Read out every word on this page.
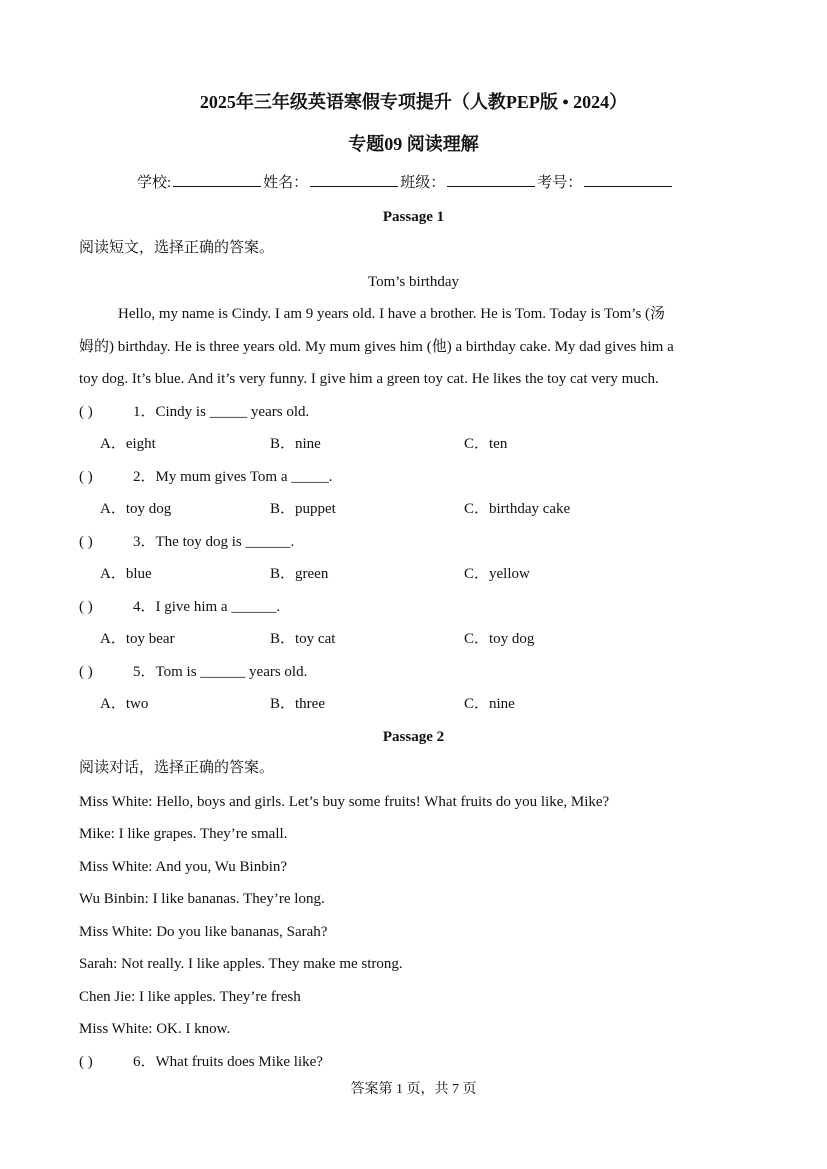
2025年三年级英语寒假专项提升（人教PEP版 • 2024）
专题09 阅读理解
学校:	姓名：	班级：	考号：
Passage 1
阅读短文，选择正确的答案。
Tom’s birthday
Hello, my name is Cindy. I am 9 years old. I have a brother. He is Tom. Today is Tom’s (汤
姆的) birthday. He is three years old. My mum gives him (他) a birthday cake. My dad gives him a
toy dog. It’s blue. And it’s very funny. I give him a green toy cat. He likes the toy cat very much.
( )	1．Cindy is _____ years old.
A．eight	B．nine	C．ten
( )	2．My mum gives Tom a _____.
A．toy dog	B．puppet	C．birthday cake
( )	3．The toy dog is ______.
A．blue	B．green	C．yellow
( )	4．I give him a ______.
A．toy bear	B．toy cat	C．toy dog
( )	5．Tom is ______ years old.
A．two	B．three	C．nine
Passage 2
阅读对话，选择正确的答案。
Miss White: Hello, boys and girls. Let’s buy some fruits! What fruits do you like, Mike?
Mike: I like grapes. They’re small.
Miss White: And you, Wu Binbin?
Wu Binbin: I like bananas. They’re long.
Miss White: Do you like bananas, Sarah?
Sarah: Not really. I like apples. They make me strong.
Chen Jie: I like apples. They’re fresh
Miss White: OK. I know.
( )	6．What fruits does Mike like?
答案第 1 页，共 7 页
